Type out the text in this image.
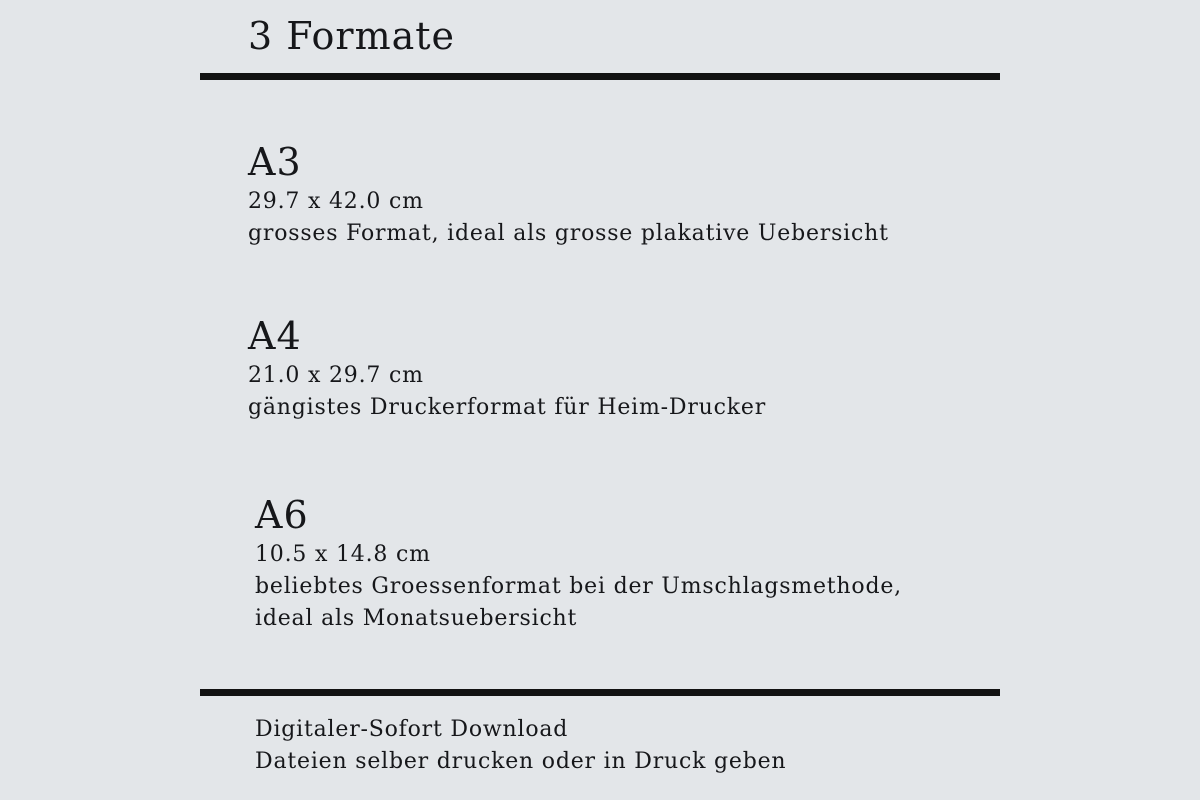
3 Formate
A3

29.7 x 42.0 cm

grosses Format, ideal als grosse plakative Uebersicht

A4

21.0 x 29.7 cm

gängistes Druckerformat für Heim-Drucker

A6

10.5 x 14.8 cm

beliebtes Groessenformat bei der Umschlagsmethode,

ideal als Monatsuebersicht

Digitaler-Sofort Download
Dateien selber drucken oder in Druck geben
